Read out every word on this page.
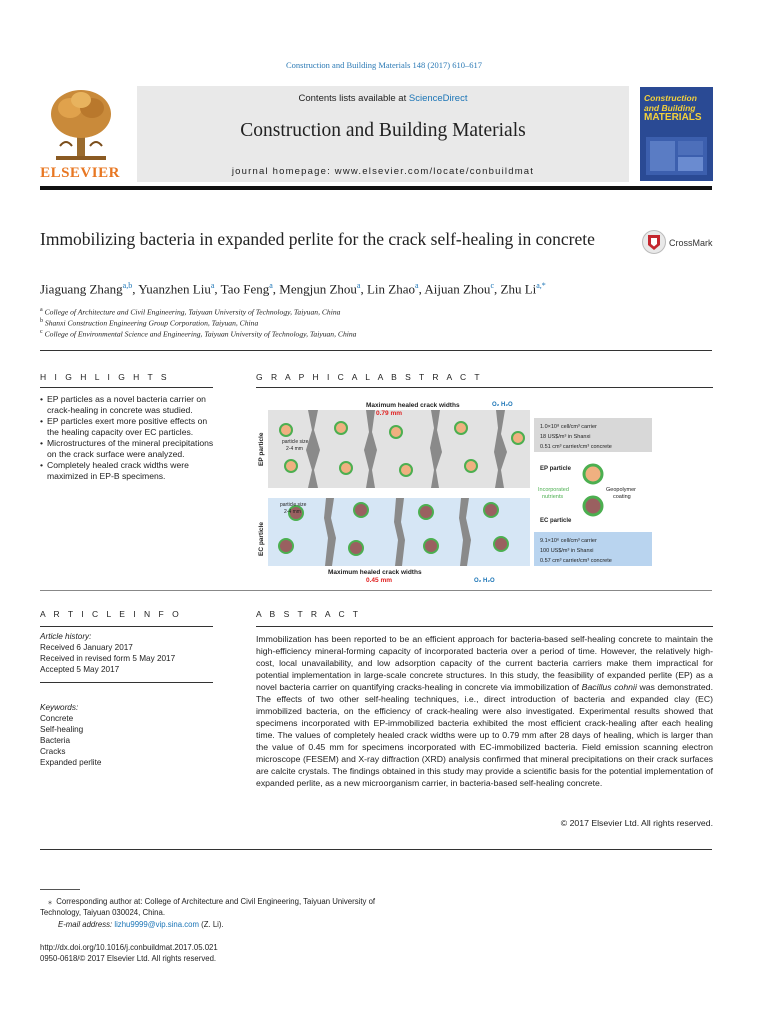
Construction and Building Materials 148 (2017) 610–617
ELSEVIER
Contents lists available at ScienceDirect
Construction and Building Materials
journal homepage: www.elsevier.com/locate/conbuildmat
Construction
and Building
MATERIALS
Immobilizing bacteria in expanded perlite for the crack self-healing in concrete	CrossMark
Jiaguang Zhang$^{a,b}$, Yuanzhen Liu$^a$, Tao Feng$^a$, Mengjun Zhou$^a$, Lin Zhao$^a$, Aijuan Zhou$^c$, Zhu $Li^{a,*}$
$^a$ College of Architecture and Civil Engineering, Taiyuan University of Technology, Taiyuan, China
$^b$ Shanxi Construction Engineering Group Corporation, Taiyuan, China
$^c$ College of Environmental Science and Engineering, Taiyuan University of Technology, Taiyuan, China
H I G H L I G H T S
• EP particles as a novel bacteria carrier on crack-healing in concrete was studied.
• EP particles exert more positive effects on the healing capacity over EC particles.
• Microstructures of the mineral precipitations on the crack surface were analyzed.
• Completely healed crack widths were maximized in EP-B specimens.
G R A P H I C A L A B S T R A C T
Maximum healed crack widths
0.79 mm
O₂ H₂O
particle size
2-4 mm
Maximum healed crack widths
0.45 mm	O₂ H₂O
particle size
2-4 mm
EP particle
EC particle
1.0×10⁸ cell/cm³ carrier
18 US$/m³ in Shanxi
0.51 cm³ carrier/cm³ concrete
EP particle
Incorporated
nutrients
Geopolymer
coating
EC particle
9.1×10⁶ cell/cm³ carrier
100 US$/m³ in Shanxi
0.57 cm³ carrier/cm³ concrete
A R T I C L E I N F O
Article history:
Received 6 January 2017
Received in revised form 5 May 2017
Accepted 5 May 2017
Keywords:
Concrete
Self-healing
Bacteria
Cracks
Expanded perlite
A B S T R A C T
Immobilization has been reported to be an efficient approach for bacteria-based self-healing concrete to maintain the high-efficiency mineral-forming capacity of incorporated bacteria over a period of time. However, the relatively high-cost, local unavailability, and low adsorption capacity of the current bacteria carriers make them impractical for potential implementation in large-scale concrete structures. In this study, the feasibility of expanded perlite (EP) as a novel bacteria carrier on quantifying cracks-healing in concrete via immobilization of Bacillus cohnii was demonstrated. The effects of two other self-healing techniques, i.e., direct introduction of bacteria and expanded clay (EC) immobilized bacteria, on the efficiency of crack-healing were also investigated. Experimental results showed that specimens incorporated with EP-immobilized bacteria exhibited the most efficient crack-healing after each healing time. The values of completely healed crack widths were up to 0.79 mm after 28 days of healing, which is larger than the value of 0.45 mm for specimens incorporated with EC-immobilized bacteria. Field emission scanning electron microscope (FESEM) and X-ray diffraction (XRD) analysis confirmed that mineral precipitations on their crack surfaces are calcite crystals. The findings obtained in this study may provide a scientific basis for the potential implementation of expanded perlite, as a new microorganism carrier, in bacteria-based self-healing concrete.
© 2017 Elsevier Ltd. All rights reserved.
⁎ Corresponding author at: College of Architecture and Civil Engineering, Taiyuan University of Technology, Taiyuan 030024, China.
E-mail address: lizhu9999@vip.sina.com (Z. Li).
http://dx.doi.org/10.1016/j.conbuildmat.2017.05.021
0950-0618/© 2017 Elsevier Ltd. All rights reserved.
